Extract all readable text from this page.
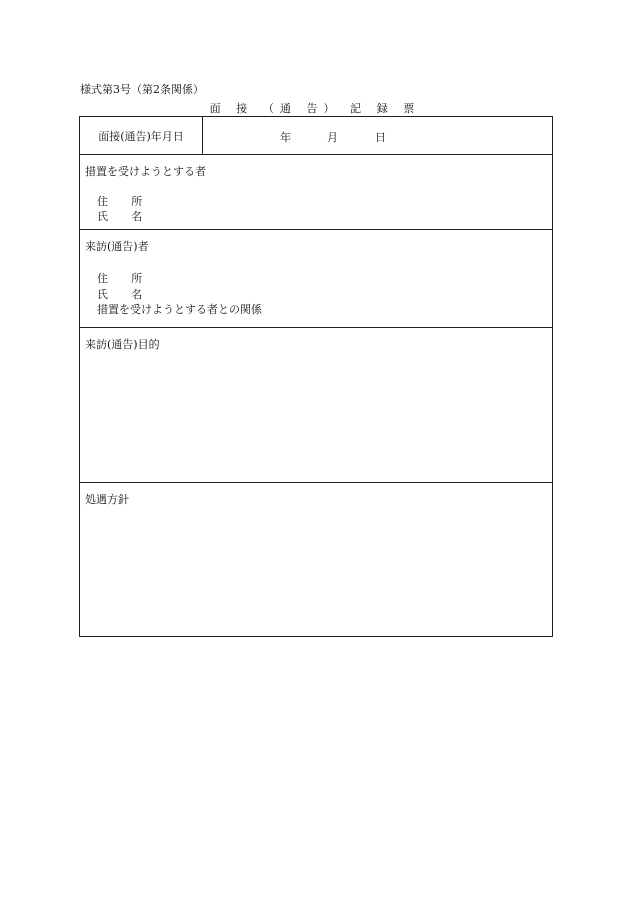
様式第3号（第2条関係）
面 接 （通 告） 記 録 票
面接(通告)年月日	年	月	日
措置を受けようとする者
住 所
氏 名
来訪(通告)者
住 所
氏 名
措置を受けようとする者との関係
来訪(通告)目的
処遇方針
